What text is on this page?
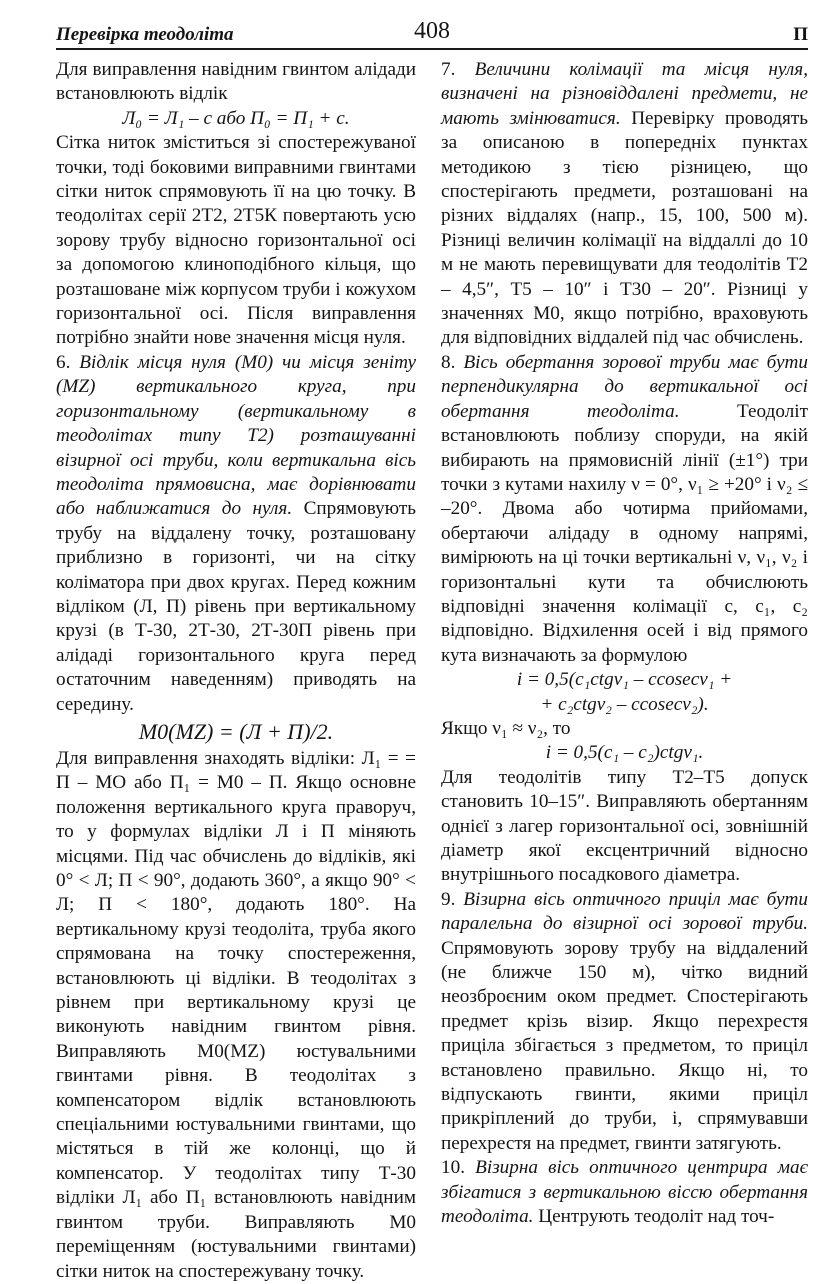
Перевірка теодоліта	408	П

Для виправлення навідним гвинтом алідади встановлюють відлік

Л₀ = Л₁ – c або П₀ = П₁ + c.

Сітка ниток зміститься зі спостережуваної точки, тоді боковими виправними гвинтами сітки ниток спрямовують її на цю точку. В теодолітах серії 2Т2, 2Т5К повертають усю зорову трубу відносно горизонтальної осі за допомогою клиноподібного кільця, що розташоване між корпусом труби і кожухом горизонтальної осі. Після виправлення потрібно знайти нове значення місця нуля.

6. Відлік місця нуля (М0) чи місця зеніту (MZ) вертикального круга, при горизонтальному (вертикальному в теодолітах типу Т2) розташуванні візирної осі труби, коли вертикальна вісь теодоліта прямовисна, має дорівнювати або наближатися до нуля. Спрямовують трубу на віддалену точку, розташовану приблизно в горизонті, чи на сітку коліматора при двох кругах. Перед кожним відліком (Л, П) рівень при вертикальному крузі (в Т-30, 2Т-30, 2Т-30П рівень при алідаді горизонтального круга перед остаточним наведенням) приводять на середину.

M0(MZ) = (Л + П)/2.

Для виправлення знаходять відліки: Л₁ = = П – MO або П₁ = M0 – П. Якщо основне положення вертикального круга праворуч, то у формулах відліки Л і П міняють місцями. Під час обчислень до відліків, які 0° < Л; П < 90°, додають 360°, а якщо 90° < Л; П < 180°, додають 180°. На вертикальному крузі теодоліта, труба якого спрямована на точку спостереження, встановлюють ці відліки. В теодолітах з рівнем при вертикальному крузі це виконують навідним гвинтом рівня. Виправляють M0(MZ) юстувальними гвинтами рівня. В теодолітах з компенсатором відлік встановлюють спеціальними юстувальними гвинтами, що містяться в тій же колонці, що й компенсатор. У теодолітах типу Т-30 відліки Л₁ або П₁ встановлюють навідним гвинтом труби. Виправляють M0 переміщенням (юстувальними гвинтами) сітки ниток на спостережувану точку.

7. Величини колімації та місця нуля, визначені на різновіддалені предмети, не мають змінюватися. Перевірку проводять за описаною в попередніх пунктах методикою з тією різницею, що спостерігають предмети, розташовані на різних віддалях (напр., 15, 100, 500 м). Різниці величин колімації на віддаллі до 10 м не мають перевищувати для теодолітів Т2 – 4,5″, Т5 – 10″ і Т30 – 20″. Різниці у значеннях М0, якщо потрібно, враховують для відповідних віддалей під час обчислень.

8. Вісь обертання зорової труби має бути перпендикулярна до вертикальної осі обертання теодоліта.	Теодоліт встановлюють поблизу споруди, на якій вибирають на прямовисній лінії (±1°) три точки з кутами нахилу ν = 0°, ν₁ ≥ +20° і ν₂ ≤ –20°. Двома або чотирма прийомами, обертаючи алідаду в одному напрямі, вимірюють на ці точки вертикальні ν, ν₁, ν₂ і горизонтальні кути та обчислюють відповідні значення колімації c, c₁, c₂ відповідно. Відхилення осей i від прямого кута визначають за формулою

i = 0,5(c₁ctgν₁ – ccosecν₁ +

+ c₂ctgν₂ – ccosecν₂).

Якщо ν₁ ≈ ν₂, то

i = 0,5(c₁ – c₂)ctgν₁.

Для теодолітів типу Т2–Т5 допуск становить 10–15″. Виправляють обертанням однієї з лагер горизонтальної осі, зовнішній діаметр якої ексцентричний відносно внутрішнього посадкового діаметра.

9. Візирна вісь оптичного приціл має бути паралельна до візирної осі зорової труби. Спрямовують зорову трубу на віддалений (не ближче 150 м), чітко видний неозброєним оком предмет. Спостерігають предмет крізь візир. Якщо перехрестя приціла збігається з предметом, то приціл встановлено правильно. Якщо ні, то відпускають гвинти, якими приціл прикріплений до труби, і, спрямувавши перехрестя на предмет, гвинти затягують.

10. Візирна вісь оптичного центрира має збігатися з вертикальною віссю обертання теодоліта. Центрують теодоліт над точ-
